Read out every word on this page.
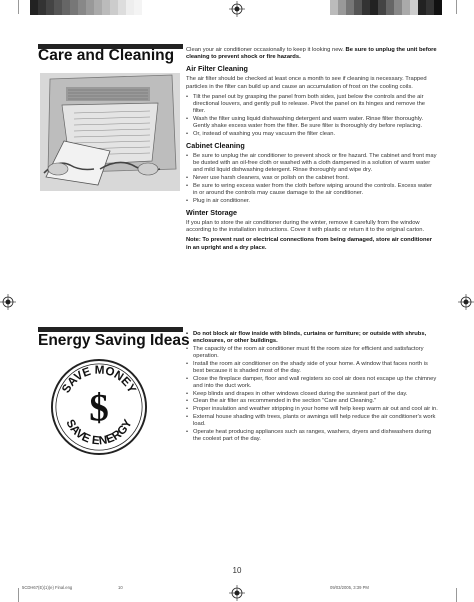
Care and Cleaning Clean your air conditioner occasionally to keep it looking new. Be sure to unplug the unit before cleaning to prevent shock or fire hazards.

Air Filter Cleaning

The air filter should be checked at least once a month to see if cleaning is necessary. Trapped particles in the filter can build up and cause an accumulation of frost on the cooling coils.

• Tilt the panel out by grasping the panel from both sides, just below the controls and the air directional louvers, and gently pull to release. Pivot the panel on its hinges and remove the filter.
• Wash the filter using liquid dishwashing detergent and warm water. Rinse filter thoroughly. Gently shake excess water from the filter. Be sure filter is thoroughly dry before replacing.
• Or, instead of washing you may vacuum the filter clean.
Cabinet Cleaning
• Be sure to unplug the air conditioner to prevent shock or fire hazard. The cabinet and front may be dusted with an oil-free cloth or washed with a cloth dampened in a solution of warm water and mild liquid dishwashing detergent. Rinse thoroughly and wipe dry.
• Never use harsh cleaners, wax or polish on the cabinet front.
• Be sure to wring excess water from the cloth before wiping around the controls. Excess water in or around the controls may cause damage to the air conditioner.
• Plug in air conditioner.
Winter Storage

If you plan to store the air conditioner during the winter, remove it carefully from the window according to the installation instructions. Cover it with plastic or return it to the original carton.

Note: To prevent rust or electrical connections from being damaged, store air conditioner in an upright and a dry place.

Energy Saving Ideas
SAVE MONEY
SAVE ENERGY
$
• Do not block air flow inside with blinds, curtains or furniture; or outside with shrubs, enclosures, or other buildings.
• The capacity of the room air conditioner must fit the room size for efficient and satisfactory operation.
• Install the room air conditioner on the shady side of your home. A window that faces north is best because it is shaded most of the day.
• Close the fireplace damper, floor and wall registers so cool air does not escape up the chimney and into the duct work.
• Keep blinds and drapes in other windows closed during the sunniest part of the day.
• Clean the air filter as recommended in the section "Care and Cleaning."
• Proper insulation and weather stripping in your home will help keep warm air out and cool air in.
• External house shading with trees, plants or awnings will help reduce the air conditioner's work load.
• Operate heat producing appliances such as ranges, washers, dryers and dishwashers during the coolest part of the day.
10
5CDH67(E)(1)(e) Final.eng	10	09/03/2005, 3:39 PM
